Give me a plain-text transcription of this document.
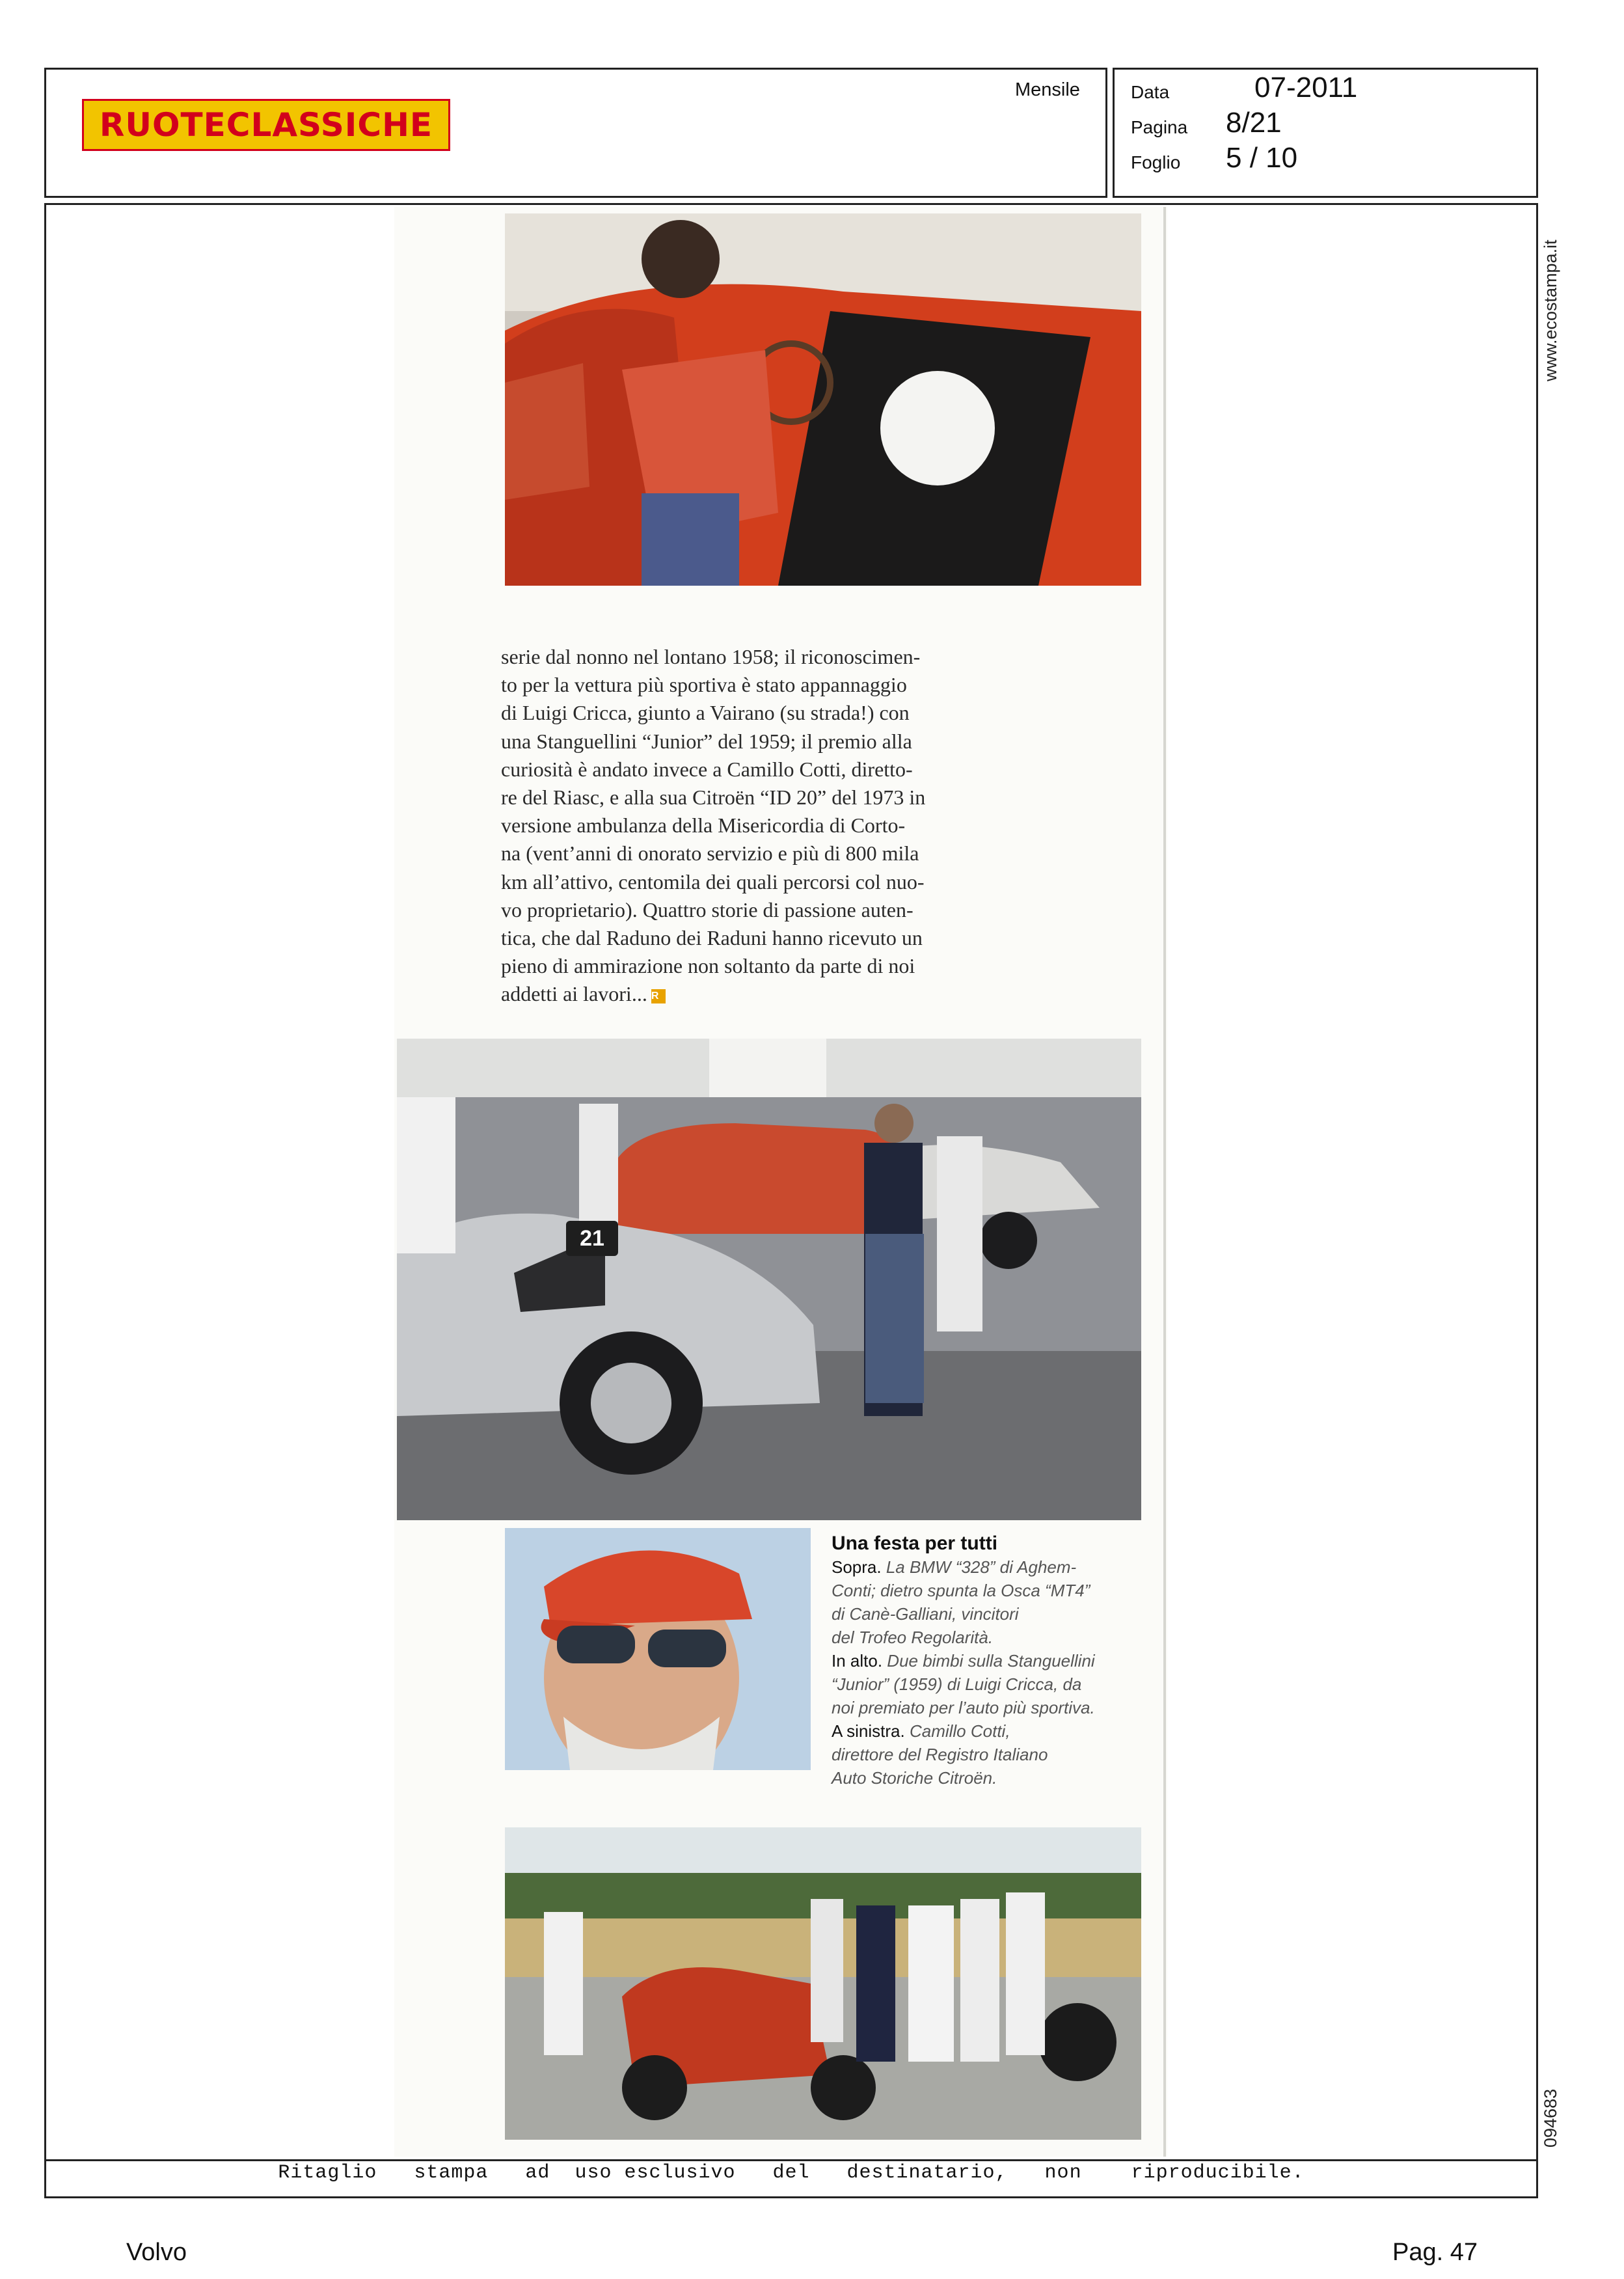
RUOTECLASSICHE
Mensile	Data	07-2011
Pagina 8/21
Foglio 5 / 10
www.ecostampa.it
094683
serie dal nonno nel lontano 1958; il riconoscimen-
to per la vettura più sportiva è stato appannaggio
di Luigi Cricca, giunto a Vairano (su strada!) con
una Stanguellini “Junior” del 1959; il premio alla
curiosità è andato invece a Camillo Cotti, diretto-
re del Riasc, e alla sua Citroën “ID 20” del 1973 in
versione ambulanza della Misericordia di Corto-
na (vent’anni di onorato servizio e più di 800 mila
km all’attivo, centomila dei quali percorsi col nuo-
vo proprietario). Quattro storie di passione auten-
tica, che dal Raduno dei Raduni hanno ricevuto un
pieno di ammirazione non soltanto da parte di noi
addetti ai lavori... R
21
Una festa per tutti
Sopra. La BMW “328” di Aghem-
Conti; dietro spunta la Osca “MT4”
di Canè-Galliani, vincitori
del Trofeo Regolarità.
In alto. Due bimbi sulla Stanguellini
“Junior” (1959) di Luigi Cricca, da
noi premiato per l’auto più sportiva.
A sinistra. Camillo Cotti,
direttore del Registro Italiano
Auto Storiche Citroën.
Ritaglio   stampa   ad  uso esclusivo   del   destinatario,   non    riproducibile.
Volvo	Pag. 47
